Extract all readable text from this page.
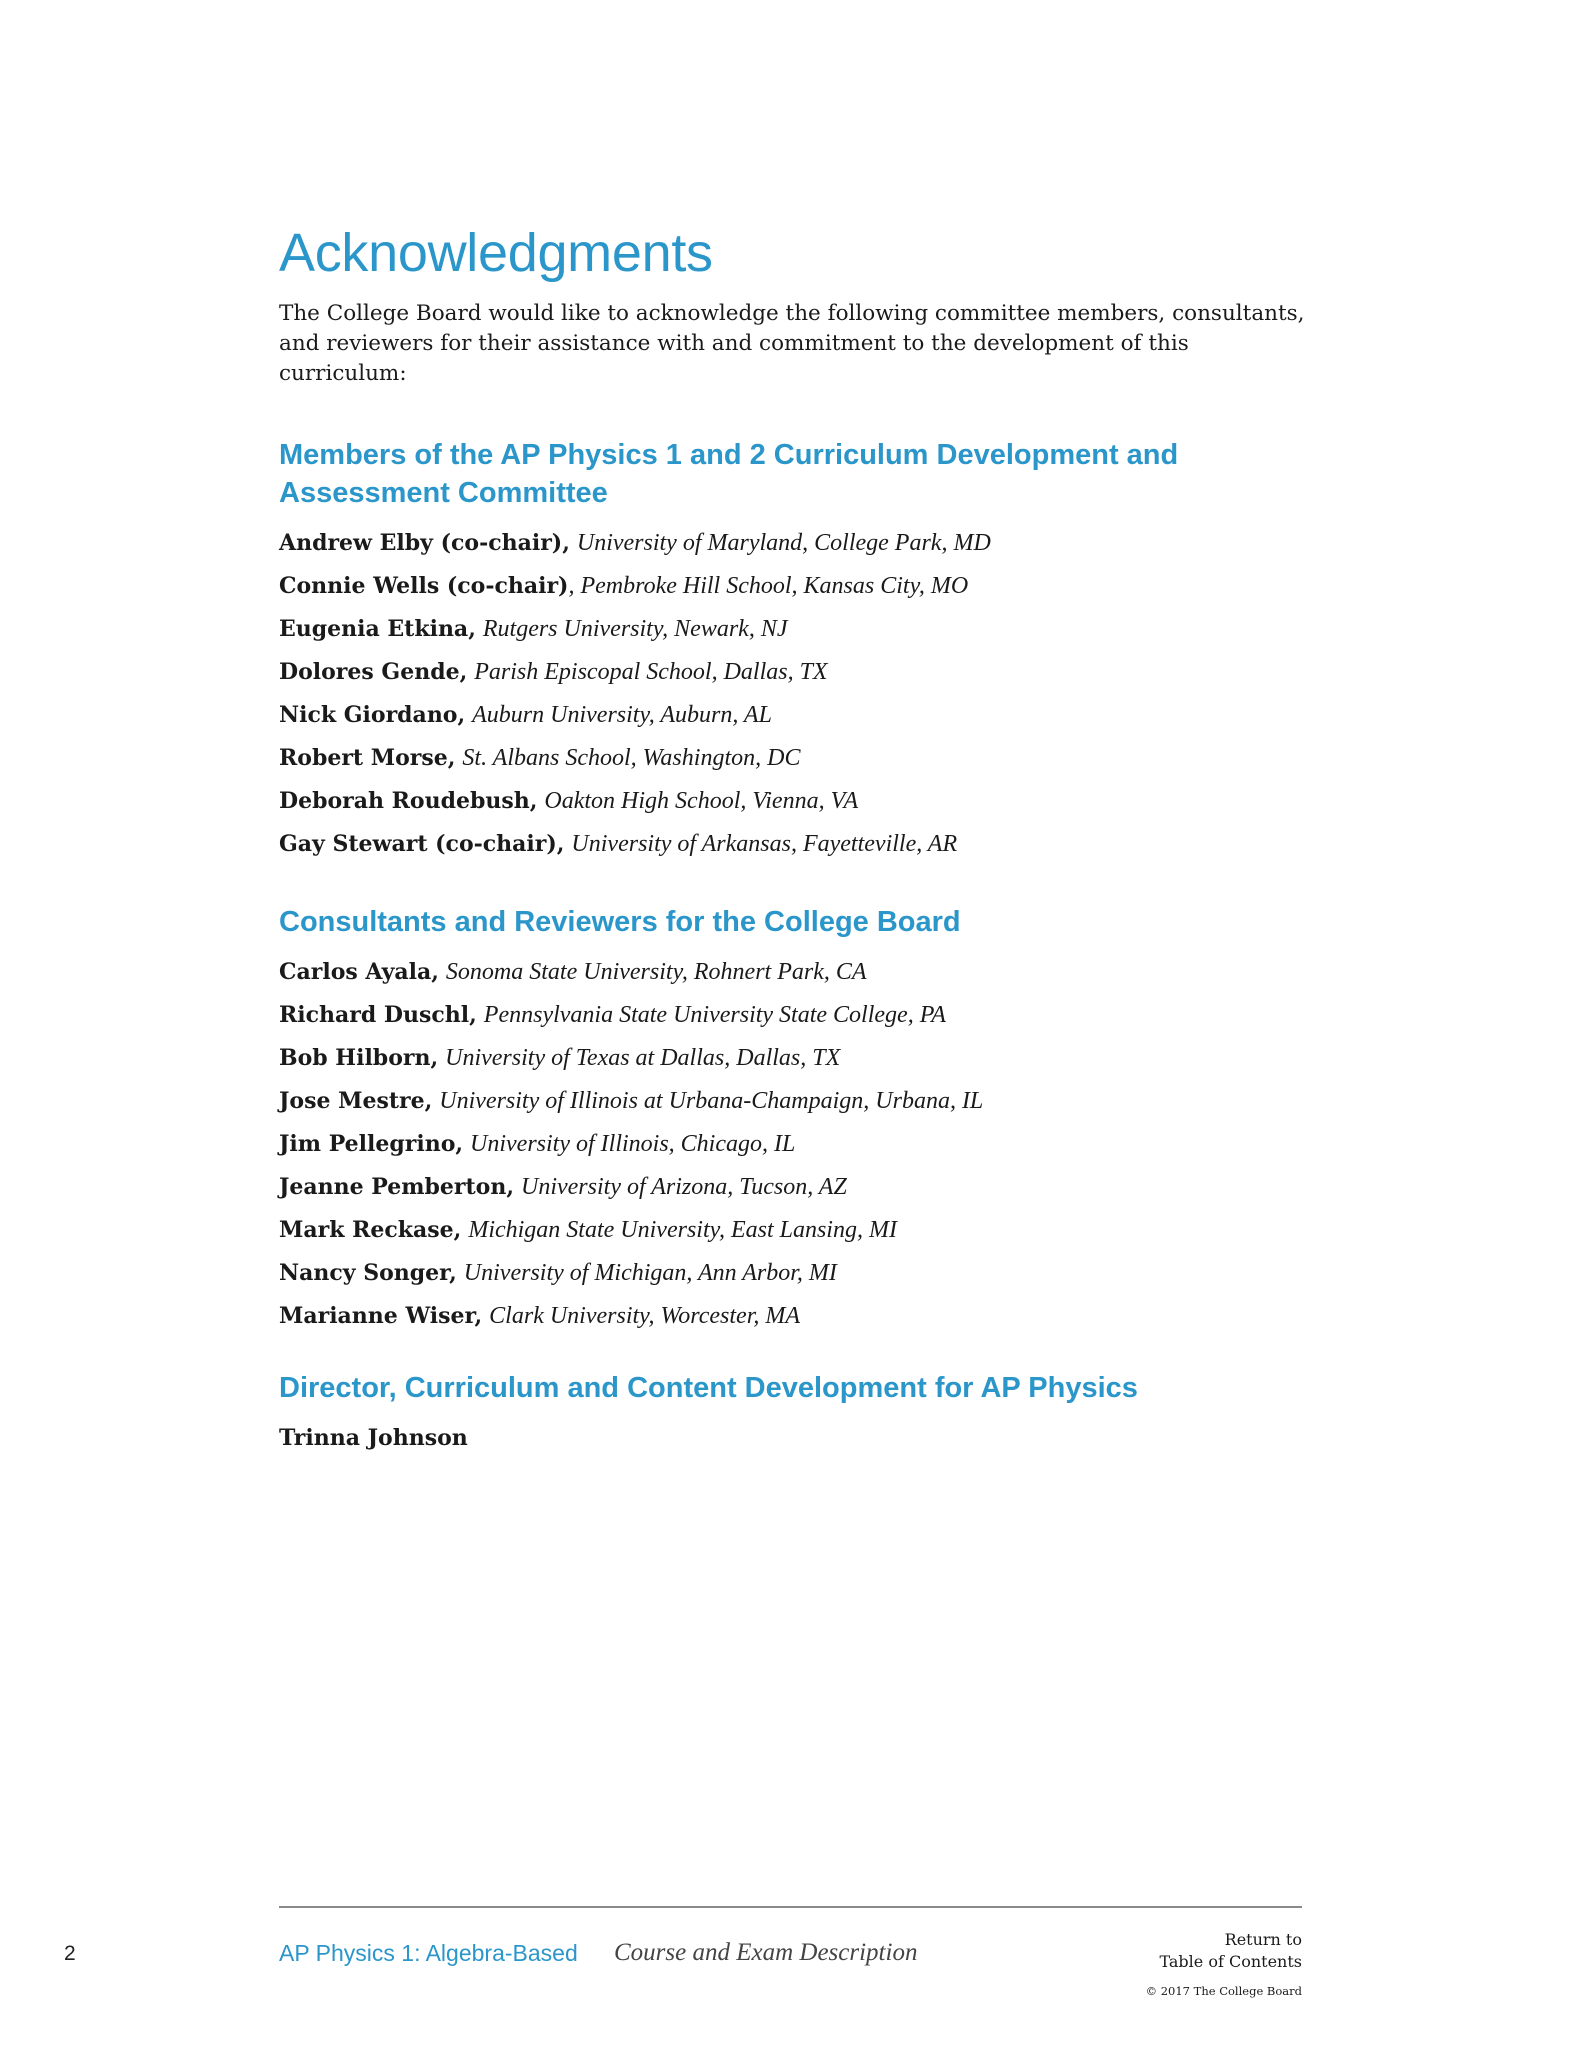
Acknowledgments

The College Board would like to acknowledge the following committee members, consultants, and reviewers for their assistance with and commitment to the development of this curriculum:

Members of the AP Physics 1 and 2 Curriculum Development and
Assessment Committee
Andrew Elby (co-chair), University of Maryland, College Park, MD
Connie Wells (co-chair), Pembroke Hill School, Kansas City, MO
Eugenia Etkina, Rutgers University, Newark, NJ
Dolores Gende, Parish Episcopal School, Dallas, TX
Nick Giordano, Auburn University, Auburn, AL
Robert Morse, St. Albans School, Washington, DC
Deborah Roudebush, Oakton High School, Vienna, VA
Gay Stewart (co-chair), University of Arkansas, Fayetteville, AR
Consultants and Reviewers for the College Board
Carlos Ayala, Sonoma State University, Rohnert Park, CA
Richard Duschl, Pennsylvania State University State College, PA
Bob Hilborn, University of Texas at Dallas, Dallas, TX
Jose Mestre, University of Illinois at Urbana-Champaign, Urbana, IL
Jim Pellegrino, University of Illinois, Chicago, IL
Jeanne Pemberton, University of Arizona, Tucson, AZ
Mark Reckase, Michigan State University, East Lansing, MI
Nancy Songer, University of Michigan, Ann Arbor, MI
Marianne Wiser, Clark University, Worcester, MA
Director, Curriculum and Content Development for AP Physics
Trinna Johnson
2	AP Physics 1: Algebra-Based Course and Exam Description	Return to
Table of Contents
© 2017 The College Board
